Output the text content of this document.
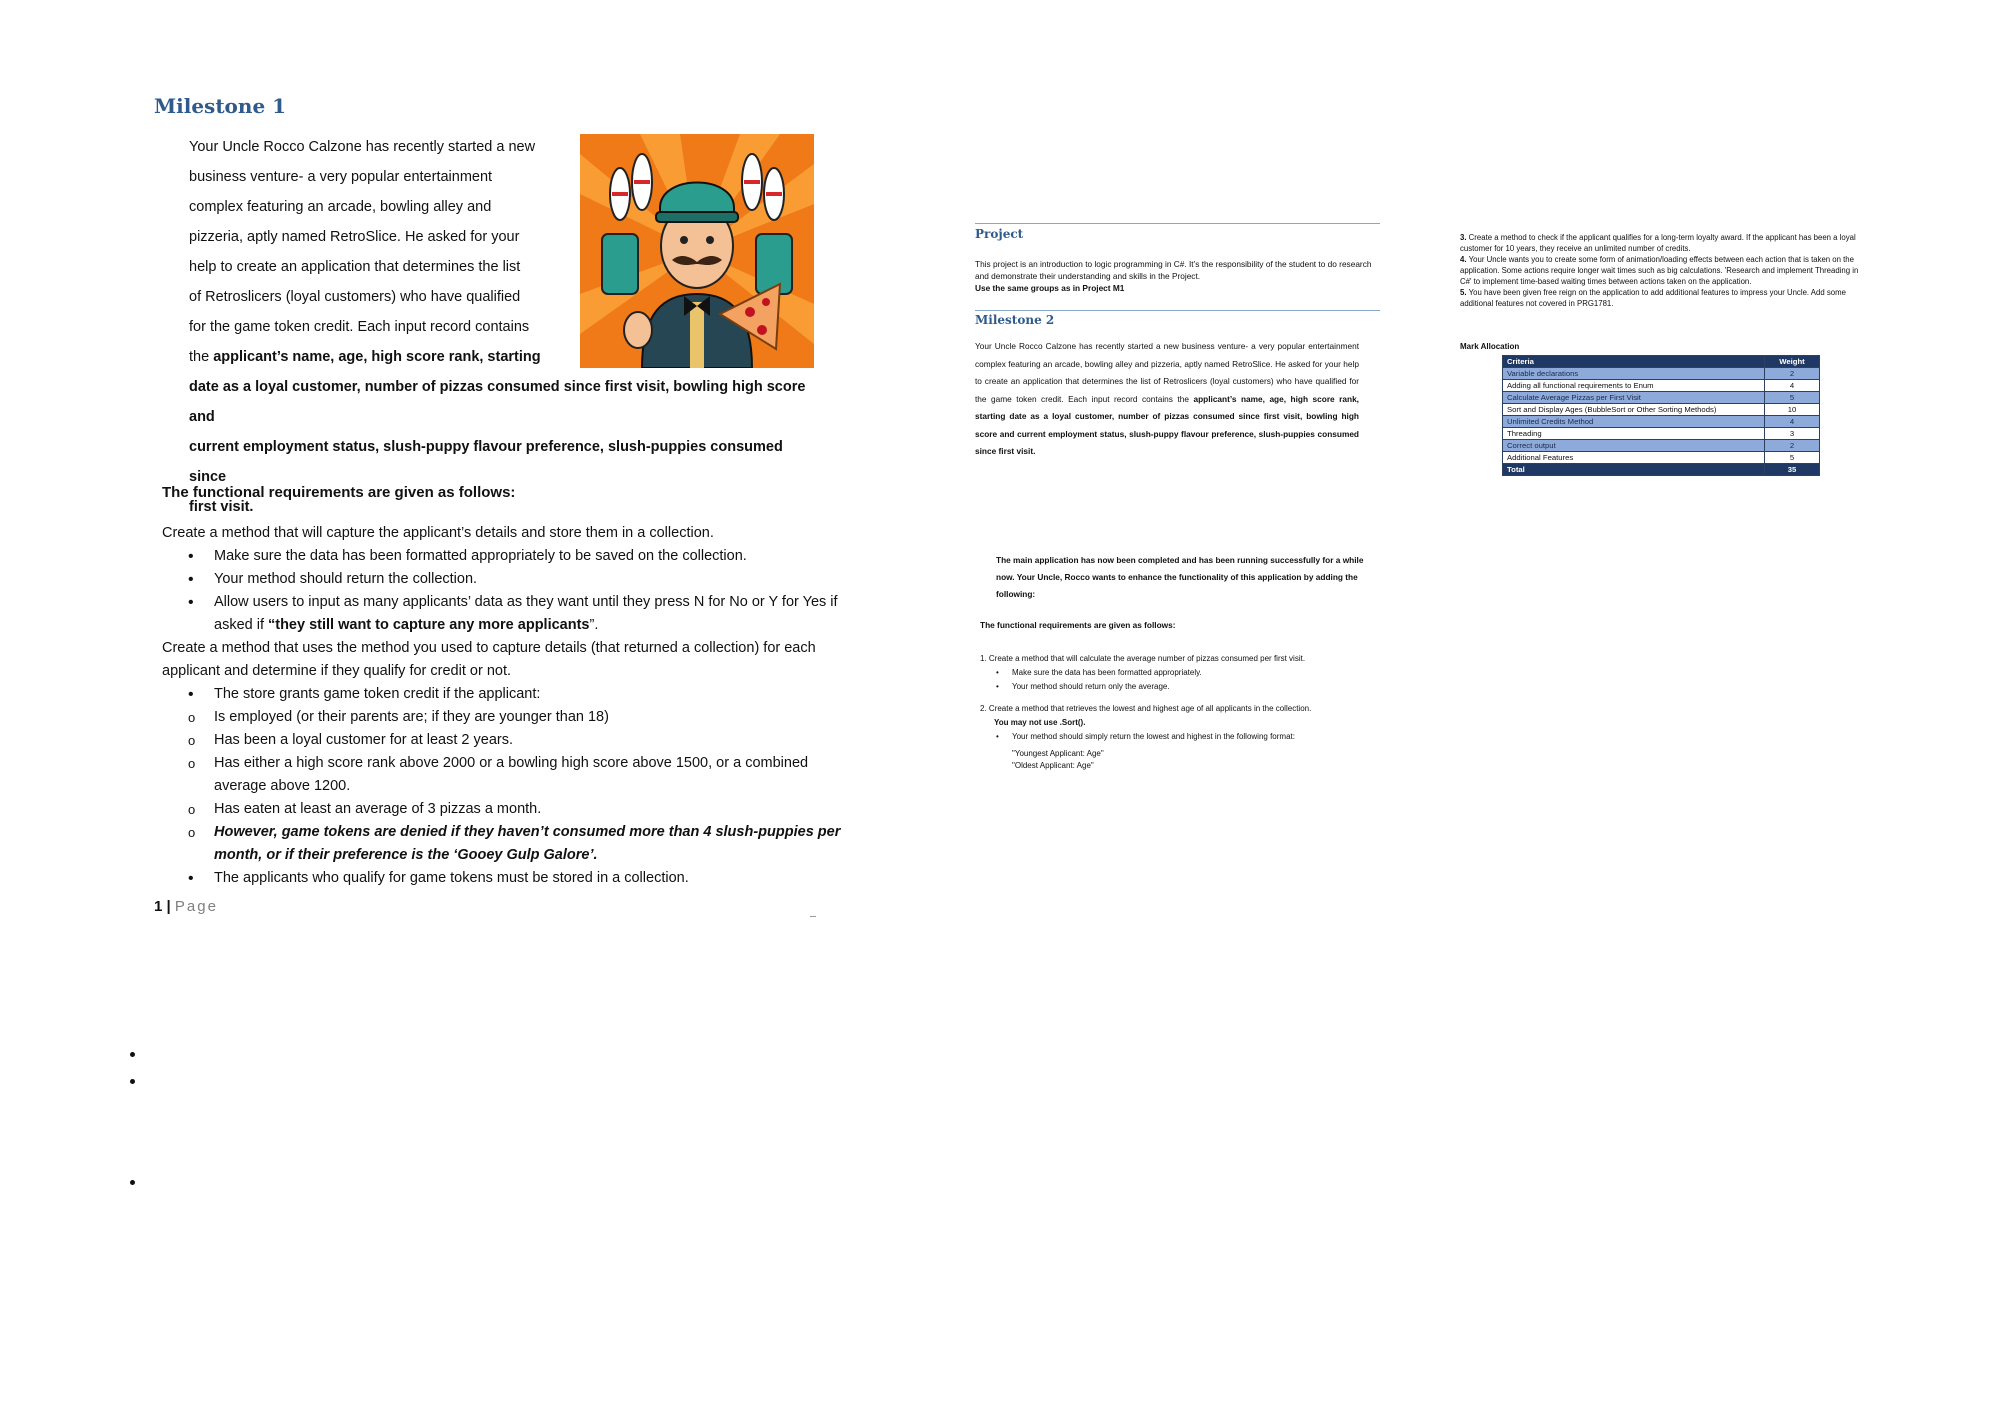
Milestone 1
Your Uncle Rocco Calzone has recently started a new
business venture- a very popular entertainment
complex featuring an arcade, bowling alley and
pizzeria, aptly named RetroSlice. He asked for your
help to create an application that determines the list
of Retroslicers (loyal customers) who have qualified
for the game token credit. Each input record contains
the applicant’s name, age, high score rank, starting

date as a loyal customer, number of pizzas consumed since first visit, bowling high score and

current employment status, slush-puppy flavour preference, slush-puppies consumed since

first visit.

The functional requirements are given as follows:

Create a method that will capture the applicant’s details and store them in a collection.

•
Make sure the data has been formatted appropriately to be saved on the collection.

•
Your method should return the collection.

•
Allow users to input as many applicants’ data as they want until they press N for No or Y for Yes if asked if “they still want to capture any more applicants”.

Create a method that uses the method you used to capture details (that returned a collection) for each applicant and determine if they qualify for credit or not.

•
The store grants game token credit if the applicant:

o
Is employed (or their parents are; if they are younger than 18)

o
Has been a loyal customer for at least 2 years.

o
Has either a high score rank above 2000 or a bowling high score above 1500, or a combined average above 1200.

o
Has eaten at least an average of 3 pizzas a month.

o
However, game tokens are denied if they haven’t consumed more than 4 slush-puppies per month, or if their preference is the ‘Gooey Gulp Galore’.

•
The applicants who qualify for game tokens must be stored in a collection.

1 | Page
Project

This project is an introduction to logic programming in C#. It’s the responsibility of the student to do research and demonstrate their understanding and skills in the Project.

Use the same groups as in Project M1

Milestone 2
Your Uncle Rocco Calzone has recently started a new business venture- a very popular entertainment complex featuring an arcade, bowling alley and pizzeria, aptly named RetroSlice. He asked for your help to create an application that determines the list of Retroslicers (loyal customers) who have qualified for the game token credit. Each input record contains the applicant’s name, age, high score rank, starting date as a loyal customer, number of pizzas consumed since first visit, bowling high score and current employment status, slush-puppy flavour preference, slush-puppies consumed since first visit.
The main application has now been completed and has been running successfully for a while now. Your Uncle, Rocco wants to enhance the functionality of this application by adding the following:
The functional requirements are given as follows:

1. Create a method that will calculate the average number of pizzas consumed per first visit.

• Make sure the data has been formatted appropriately.

• Your method should return only the average.

2. Create a method that retrieves the lowest and highest age of all applicants in the collection.

You may not use .Sort().

• Your method should simply return the lowest and highest in the following format:

"Youngest Applicant: Age"

"Oldest Applicant: Age"

3. Create a method to check if the applicant qualifies for a long-term loyalty award. If the applicant has been a loyal customer for 10 years, they receive an unlimited number of credits.

4. Your Uncle wants you to create some form of animation/loading effects between each action that is taken on the application. Some actions require longer wait times such as big calculations. 'Research and implement Threading in C#' to implement time-based waiting times between actions taken on the application.

5. You have been given free reign on the application to add additional features to impress your Uncle. Add some additional features not covered in PRG1781.

Mark Allocation
Criteria	Weight
Variable declarations	2
Adding all functional requirements to Enum	4
Calculate Average Pizzas per First Visit	5
Sort and Display Ages (BubbleSort or Other Sorting Methods)	10
Unlimited Credits Method	4
Threading	3
Correct output	2
Additional Features	5
Total	35
